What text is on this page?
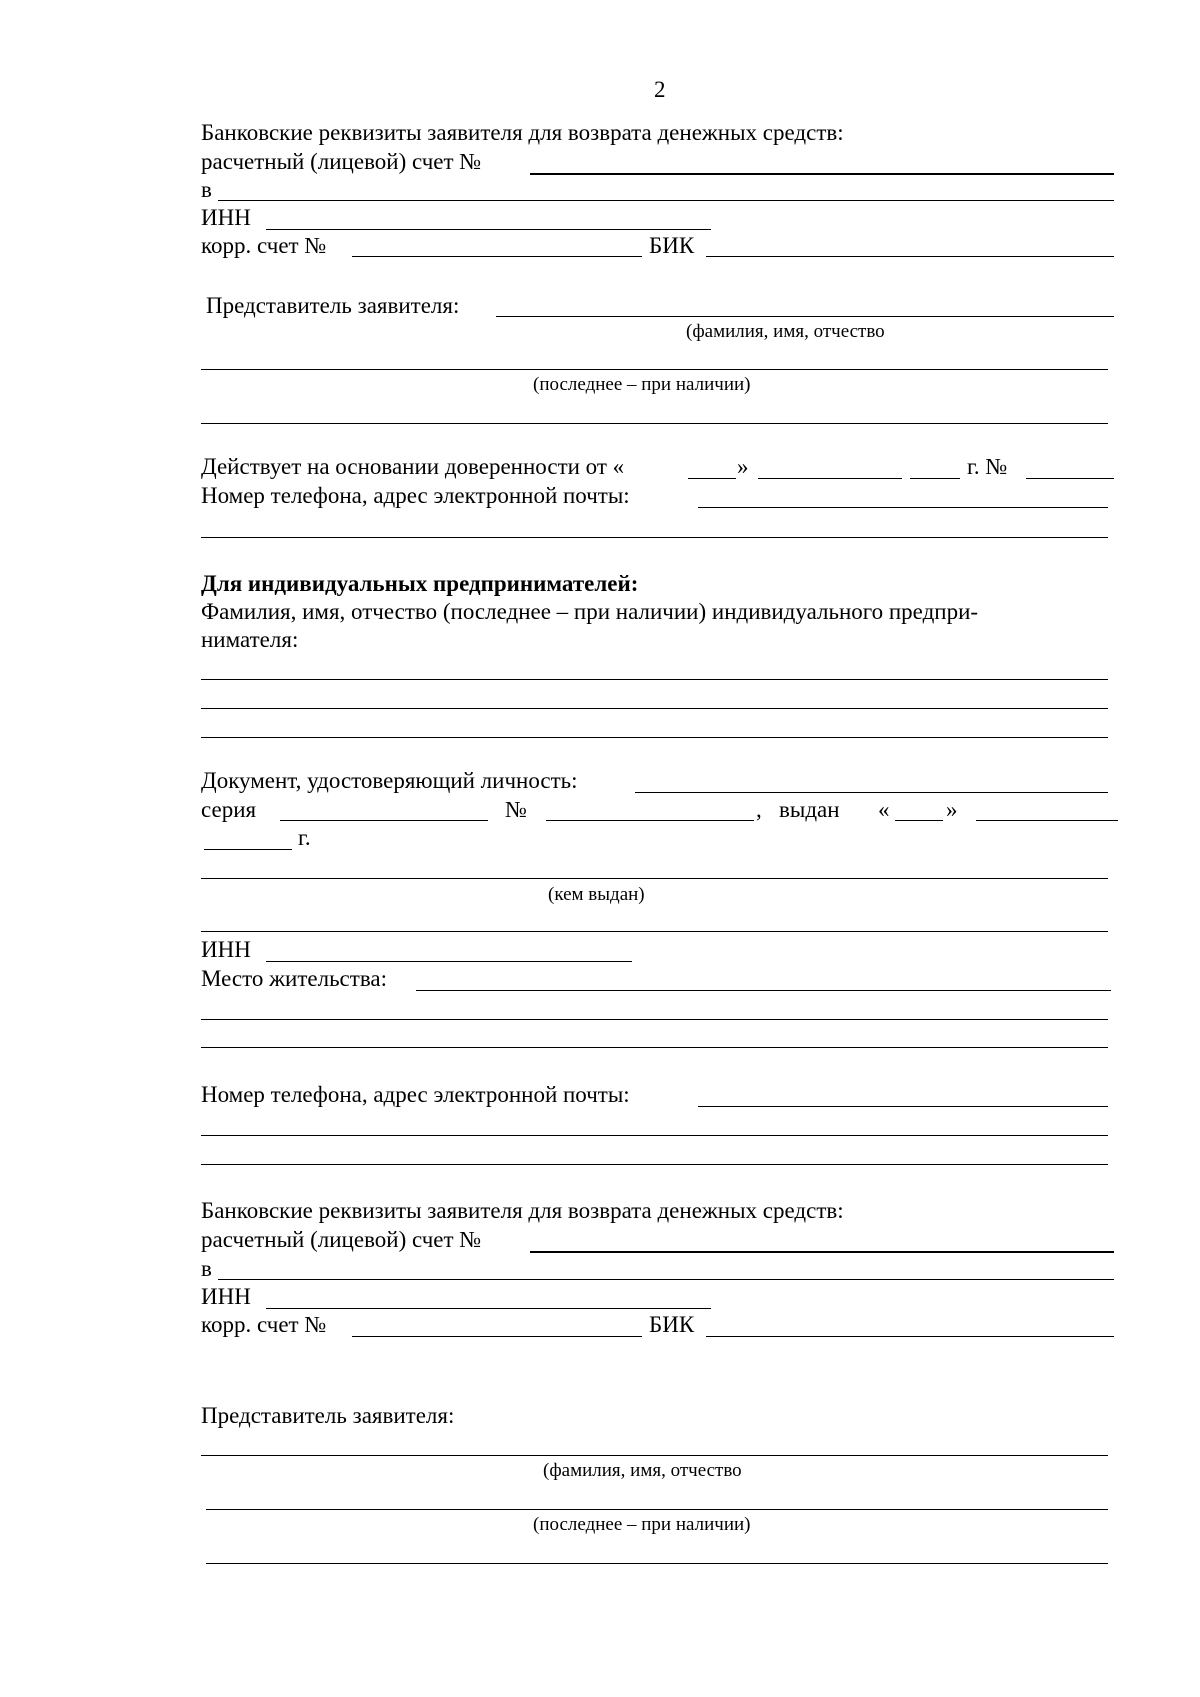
2
Банковские реквизиты заявителя для возврата денежных средств:
расчетный (лицевой) счет №
в
ИНН
корр. счет №	БИК
Представитель заявителя:
(фамилия, имя, отчество
(последнее – при наличии)
Действует на основании доверенности от «	»	г. №
Номер телефона, адрес электронной почты:
Для индивидуальных предпринимателей:
Фамилия, имя, отчество (последнее – при наличии) индивидуального предпри-
нимателя:
Документ, удостоверяющий личность:
серия	№	, выдан « »
г.
(кем выдан)
ИНН
Место жительства:
Номер телефона, адрес электронной почты:
Банковские реквизиты заявителя для возврата денежных средств:
расчетный (лицевой) счет №
в
ИНН
корр. счет №	БИК
Представитель заявителя:
(фамилия, имя, отчество
(последнее – при наличии)
